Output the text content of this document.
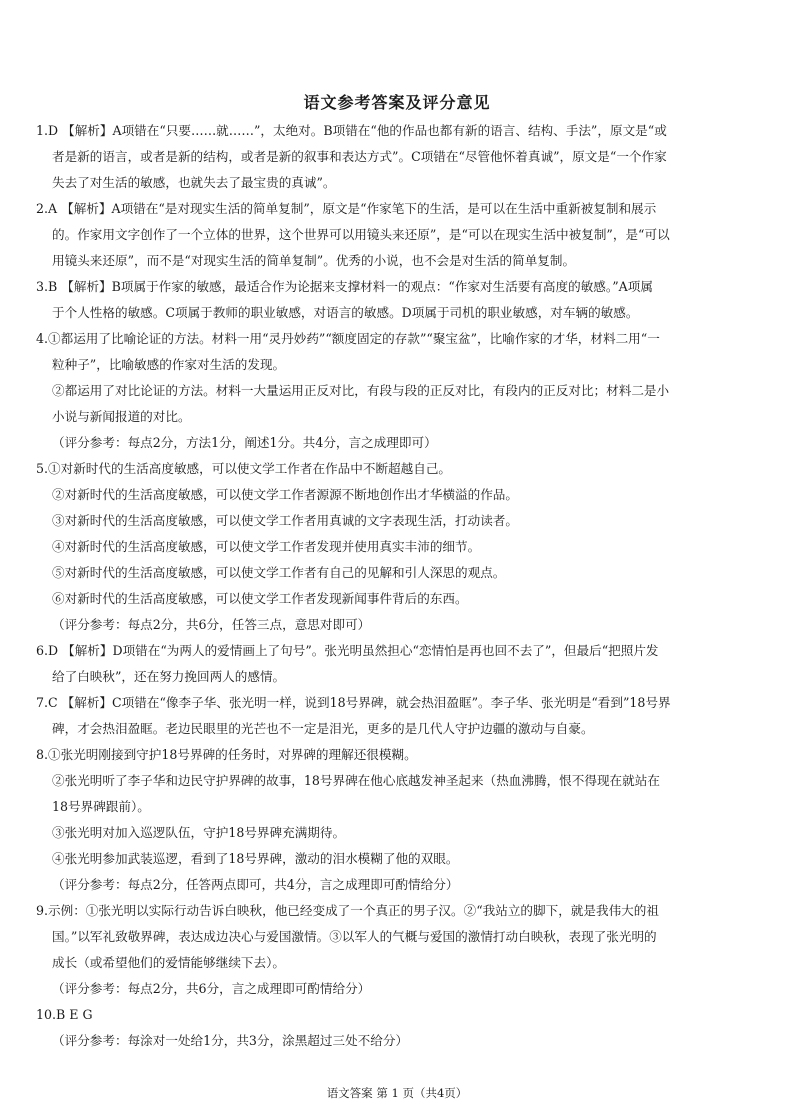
语文参考答案及评分意见
1.D 【解析】A项错在“只要……就……”，太绝对。B项错在“他的作品也都有新的语言、结构、手法”，原文是“或
者是新的语言，或者是新的结构，或者是新的叙事和表达方式”。C项错在“尽管他怀着真诚”，原文是“一个作家
失去了对生活的敏感，也就失去了最宝贵的真诚”。
2.A 【解析】A项错在“是对现实生活的简单复制”，原文是“作家笔下的生活，是可以在生活中重新被复制和展示
的。作家用文字创作了一个立体的世界，这个世界可以用镜头来还原”，是“可以在现实生活中被复制”，是“可以
用镜头来还原”，而不是“对现实生活的简单复制”。优秀的小说，也不会是对生活的简单复制。
3.B 【解析】B项属于作家的敏感，最适合作为论据来支撑材料一的观点：“作家对生活要有高度的敏感。”A项属
于个人性格的敏感。C项属于教师的职业敏感，对语言的敏感。D项属于司机的职业敏感，对车辆的敏感。
4.①都运用了比喻论证的方法。材料一用“灵丹妙药”“额度固定的存款”“聚宝盆”，比喻作家的才华，材料二用“一
粒种子”，比喻敏感的作家对生活的发现。
②都运用了对比论证的方法。材料一大量运用正反对比，有段与段的正反对比，有段内的正反对比；材料二是小
小说与新闻报道的对比。
（评分参考：每点2分，方法1分，阐述1分。共4分，言之成理即可）
5.①对新时代的生活高度敏感，可以使文学工作者在作品中不断超越自己。
②对新时代的生活高度敏感，可以使文学工作者源源不断地创作出才华横溢的作品。
③对新时代的生活高度敏感，可以使文学工作者用真诚的文字表现生活，打动读者。
④对新时代的生活高度敏感，可以使文学工作者发现并使用真实丰沛的细节。
⑤对新时代的生活高度敏感，可以使文学工作者有自己的见解和引人深思的观点。
⑥对新时代的生活高度敏感，可以使文学工作者发现新闻事件背后的东西。
（评分参考：每点2分，共6分，任答三点，意思对即可）
6.D 【解析】D项错在“为两人的爱情画上了句号”。张光明虽然担心“恋情怕是再也回不去了”，但最后“把照片发
给了白映秋”，还在努力挽回两人的感情。
7.C 【解析】C项错在“像李子华、张光明一样，说到18号界碑，就会热泪盈眶”。李子华、张光明是“看到”18号界
碑，才会热泪盈眶。老边民眼里的光芒也不一定是泪光，更多的是几代人守护边疆的激动与自豪。
8.①张光明刚接到守护18号界碑的任务时，对界碑的理解还很模糊。
②张光明听了李子华和边民守护界碑的故事，18号界碑在他心底越发神圣起来（热血沸腾，恨不得现在就站在
18号界碑跟前）。
③张光明对加入巡逻队伍，守护18号界碑充满期待。
④张光明参加武装巡逻，看到了18号界碑，激动的泪水模糊了他的双眼。
（评分参考：每点2分，任答两点即可，共4分，言之成理即可酌情给分）
9.示例：①张光明以实际行动告诉白映秋，他已经变成了一个真正的男子汉。②“我站立的脚下，就是我伟大的祖
国。”以军礼致敬界碑，表达成边决心与爱国激情。③以军人的气概与爱国的激情打动白映秋，表现了张光明的
成长（或希望他们的爱情能够继续下去）。
（评分参考：每点2分，共6分，言之成理即可酌情给分）
10.B E G
（评分参考：每涂对一处给1分，共3分，涂黑超过三处不给分）
语文答案 第 1 页（共4页）
